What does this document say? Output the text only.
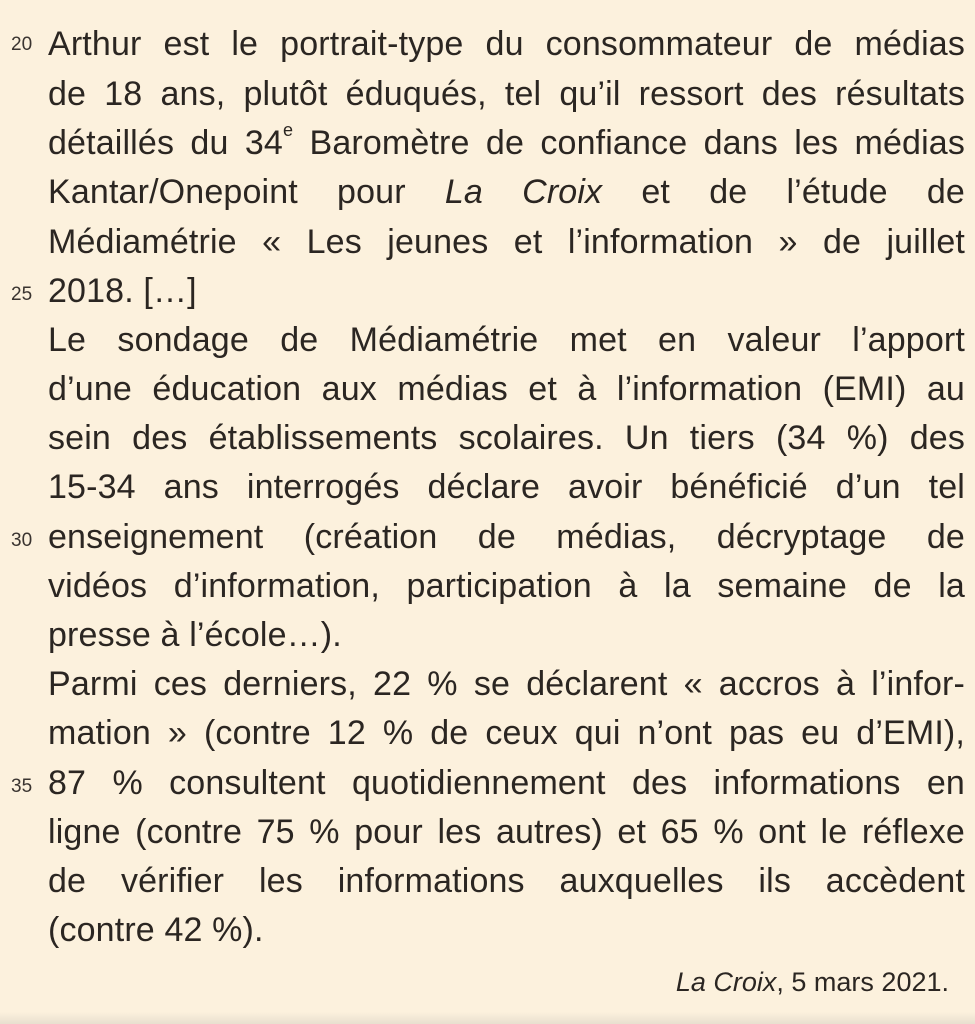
20
25
30
35
Arthur est le portrait-type du consommateur de médias
de 18 ans, plutôt éduqués, tel qu’il ressort des résultats
détaillés du 34e Baromètre de confiance dans les médias
Kantar/Onepoint pour La Croix et de l’étude de
Médiamétrie « Les jeunes et l’information » de juillet
2018. […]
Le sondage de Médiamétrie met en valeur l’apport
d’une éducation aux médias et à l’information (EMI) au
sein des établissements scolaires. Un tiers (34 %) des
15-34 ans interrogés déclare avoir bénéficié d’un tel
enseignement (création de médias, décryptage de
vidéos d’information, participation à la semaine de la
presse à l’école…).
Parmi ces derniers, 22 % se déclarent « accros à l’infor-
mation » (contre 12 % de ceux qui n’ont pas eu d’EMI),
87 % consultent quotidiennement des informations en
ligne (contre 75 % pour les autres) et 65 % ont le réflexe
de vérifier les informations auxquelles ils accèdent
(contre 42 %).
La Croix, 5 mars 2021.
